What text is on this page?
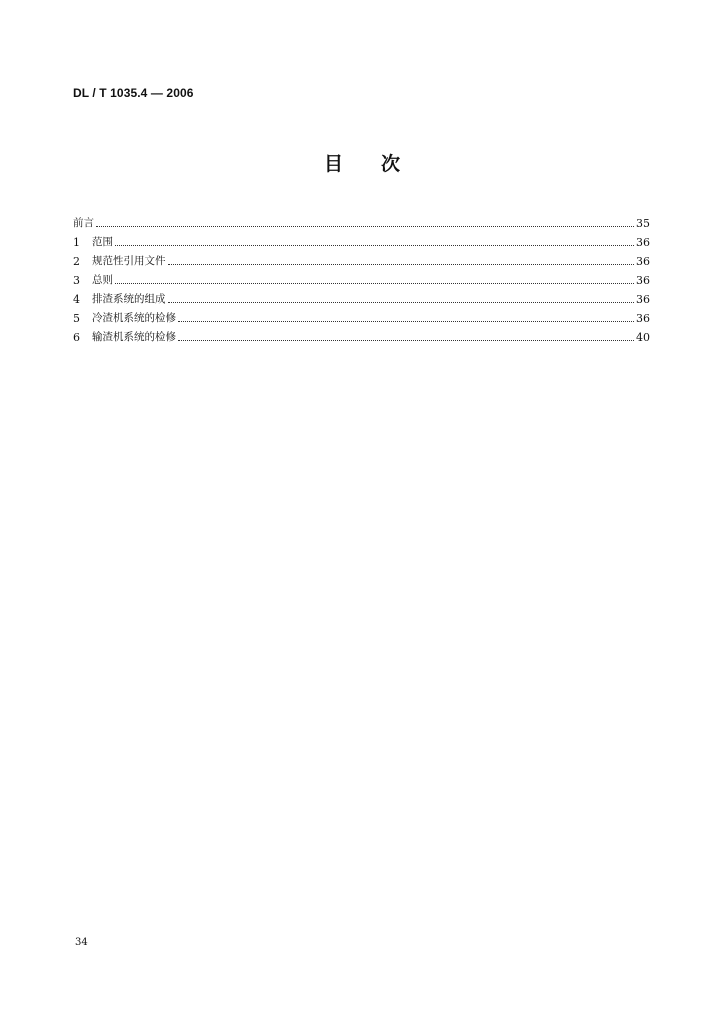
DL / T 1035.4 — 2006
目 次
前言	35
1	范围	36
2	规范性引用文件	36
3	总则	36
4	排渣系统的组成	36
5	冷渣机系统的检修	36
6	输渣机系统的检修	40
34
